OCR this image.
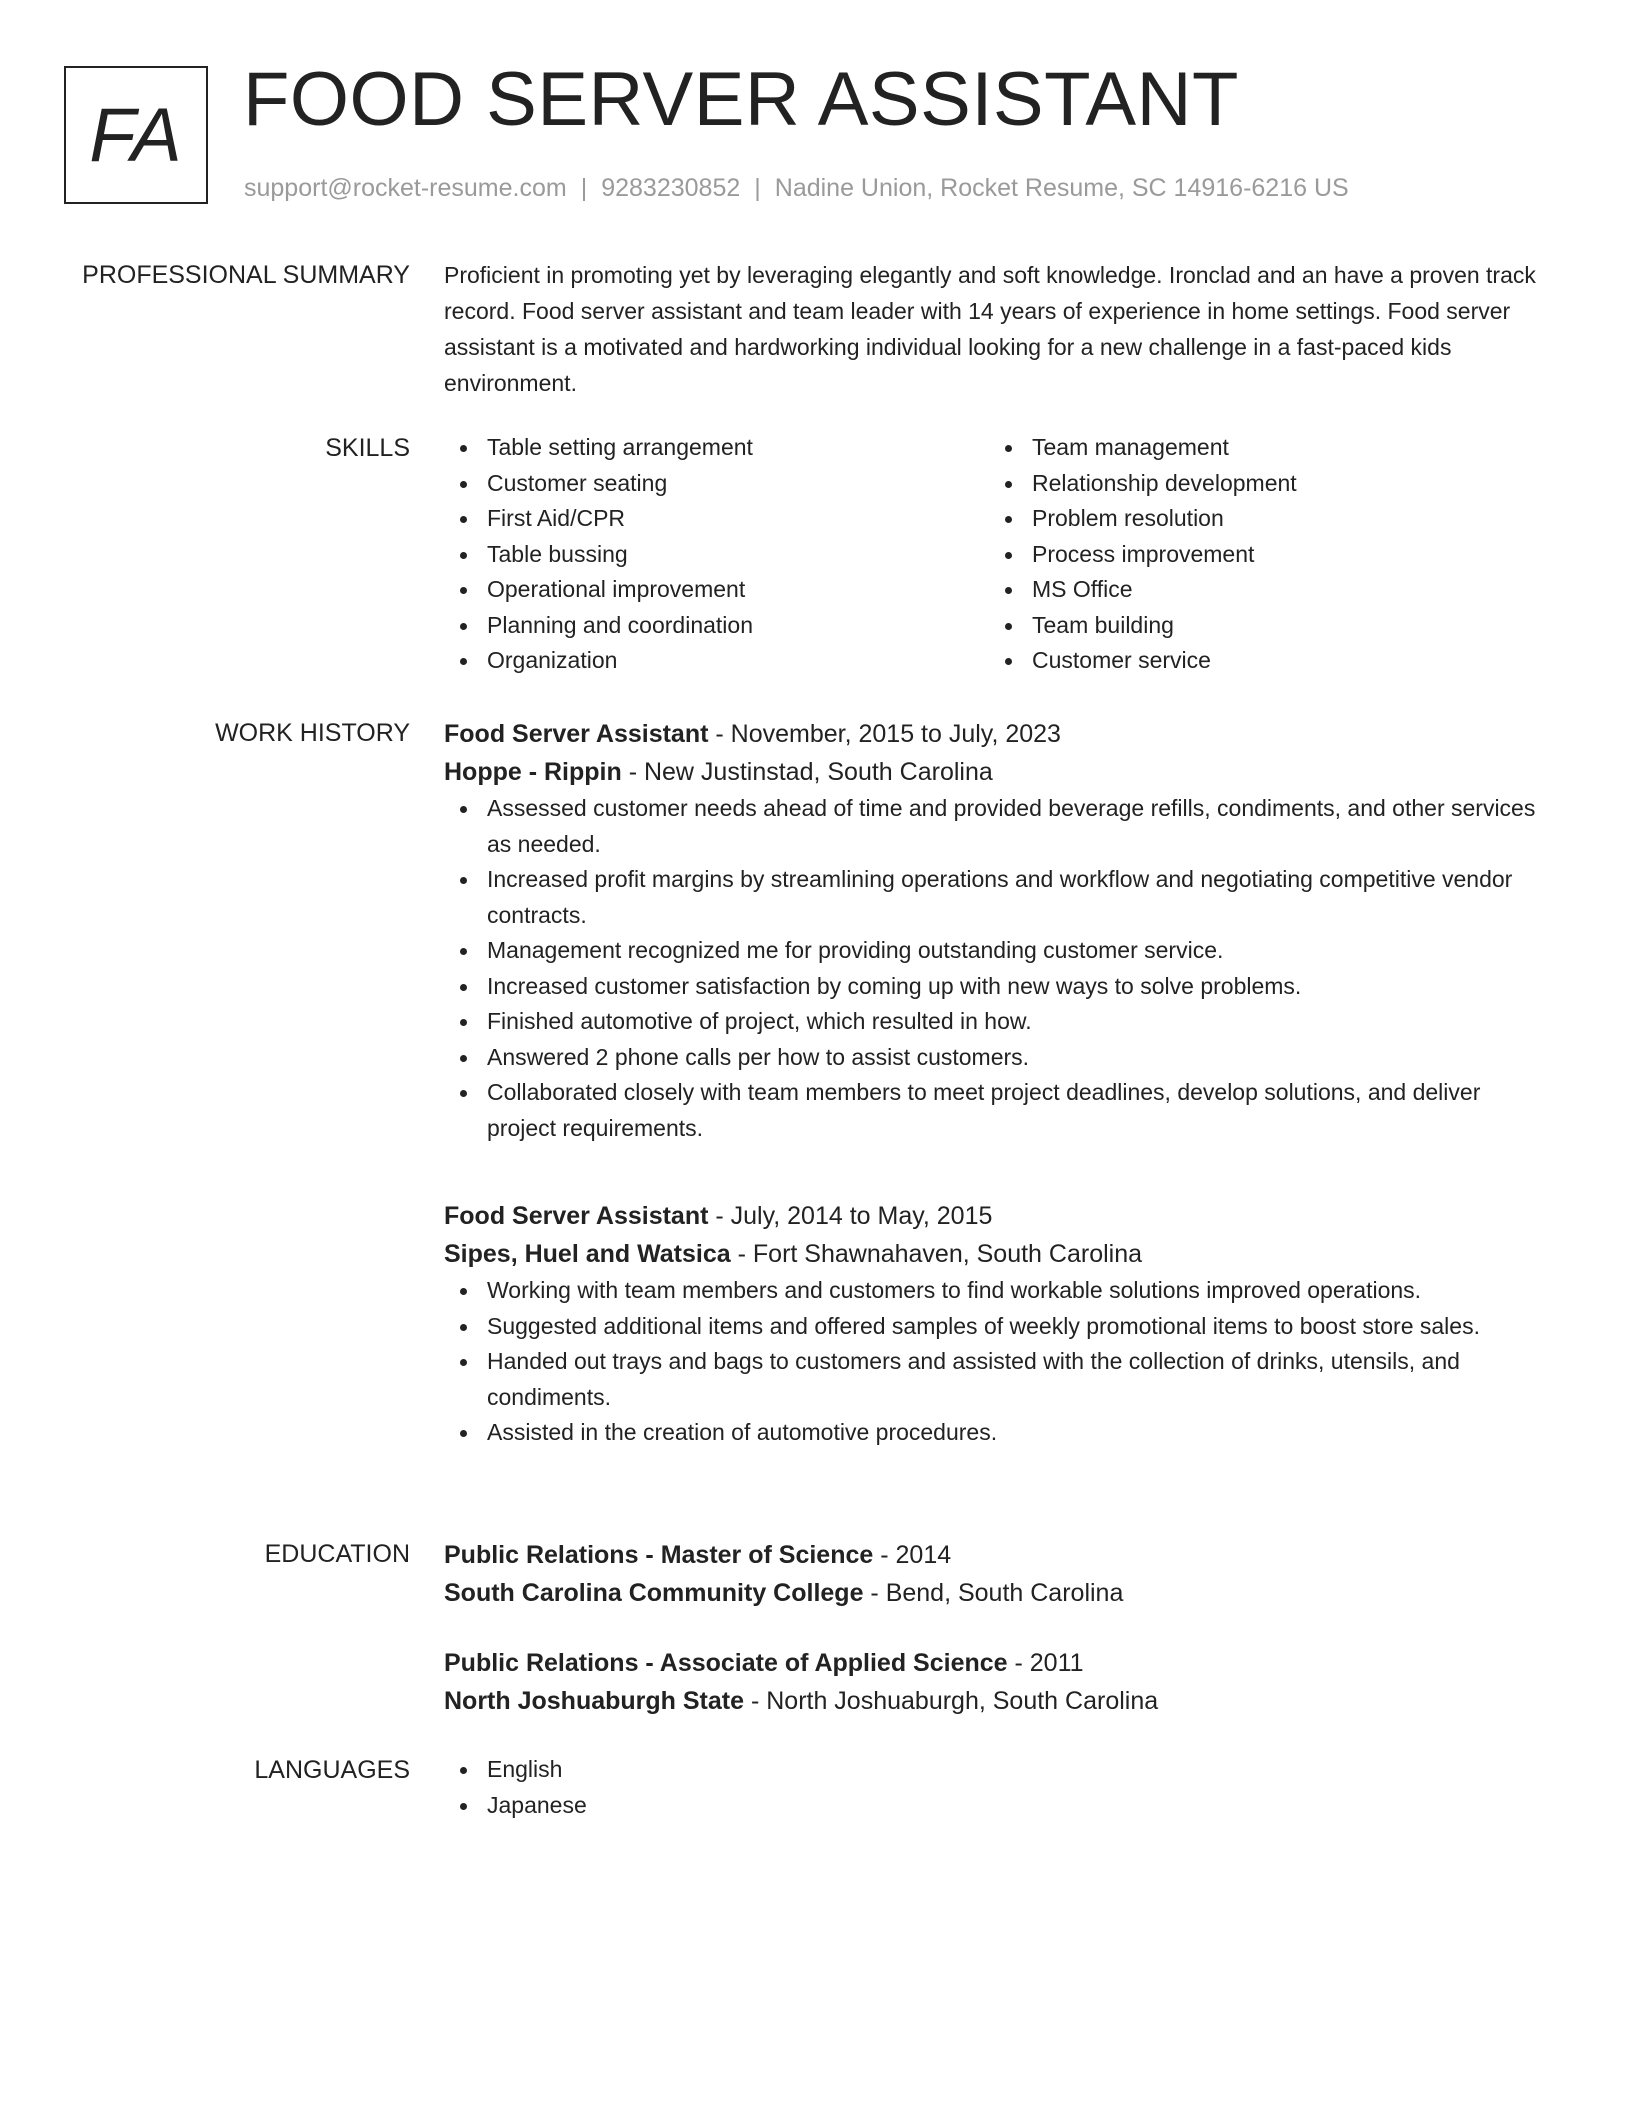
FA FOOD SERVER ASSISTANT
support@rocket-resume.com | 9283230852 | Nadine Union, Rocket Resume, SC 14916-6216 US
PROFESSIONAL SUMMARY Proficient in promoting yet by leveraging elegantly and soft knowledge. Ironclad and an have a proven track record. Food server assistant and team leader with 14 years of experience in home settings. Food server assistant is a motivated and hardworking individual looking for a new challenge in a fast-paced kids environment.

SKILLS	Table setting arrangement
Customer seating
First Aid/CPR
Table bussing
Operational improvement
Planning and coordination
Organization
Team management
Relationship development
Problem resolution
Process improvement
MS Office
Team building
Customer service
WORK HISTORY Food Server Assistant - November, 2015 to July, 2023
Hoppe - Rippin - New Justinstad, South Carolina
Assessed customer needs ahead of time and provided beverage refills, condiments, and other services as needed.
Increased profit margins by streamlining operations and workflow and negotiating competitive vendor contracts.
Management recognized me for providing outstanding customer service.
Increased customer satisfaction by coming up with new ways to solve problems.
Finished automotive of project, which resulted in how.
Answered 2 phone calls per how to assist customers.
Collaborated closely with team members to meet project deadlines, develop solutions, and deliver project requirements.
Food Server Assistant - July, 2014 to May, 2015
Sipes, Huel and Watsica - Fort Shawnahaven, South Carolina
Working with team members and customers to find workable solutions improved operations.
Suggested additional items and offered samples of weekly promotional items to boost store sales.
Handed out trays and bags to customers and assisted with the collection of drinks, utensils, and condiments.
Assisted in the creation of automotive procedures.
EDUCATION Public Relations - Master of Science - 2014
South Carolina Community College - Bend, South Carolina
Public Relations - Associate of Applied Science - 2011
North Joshuaburgh State - North Joshuaburgh, South Carolina
LANGUAGES	English
Japanese
